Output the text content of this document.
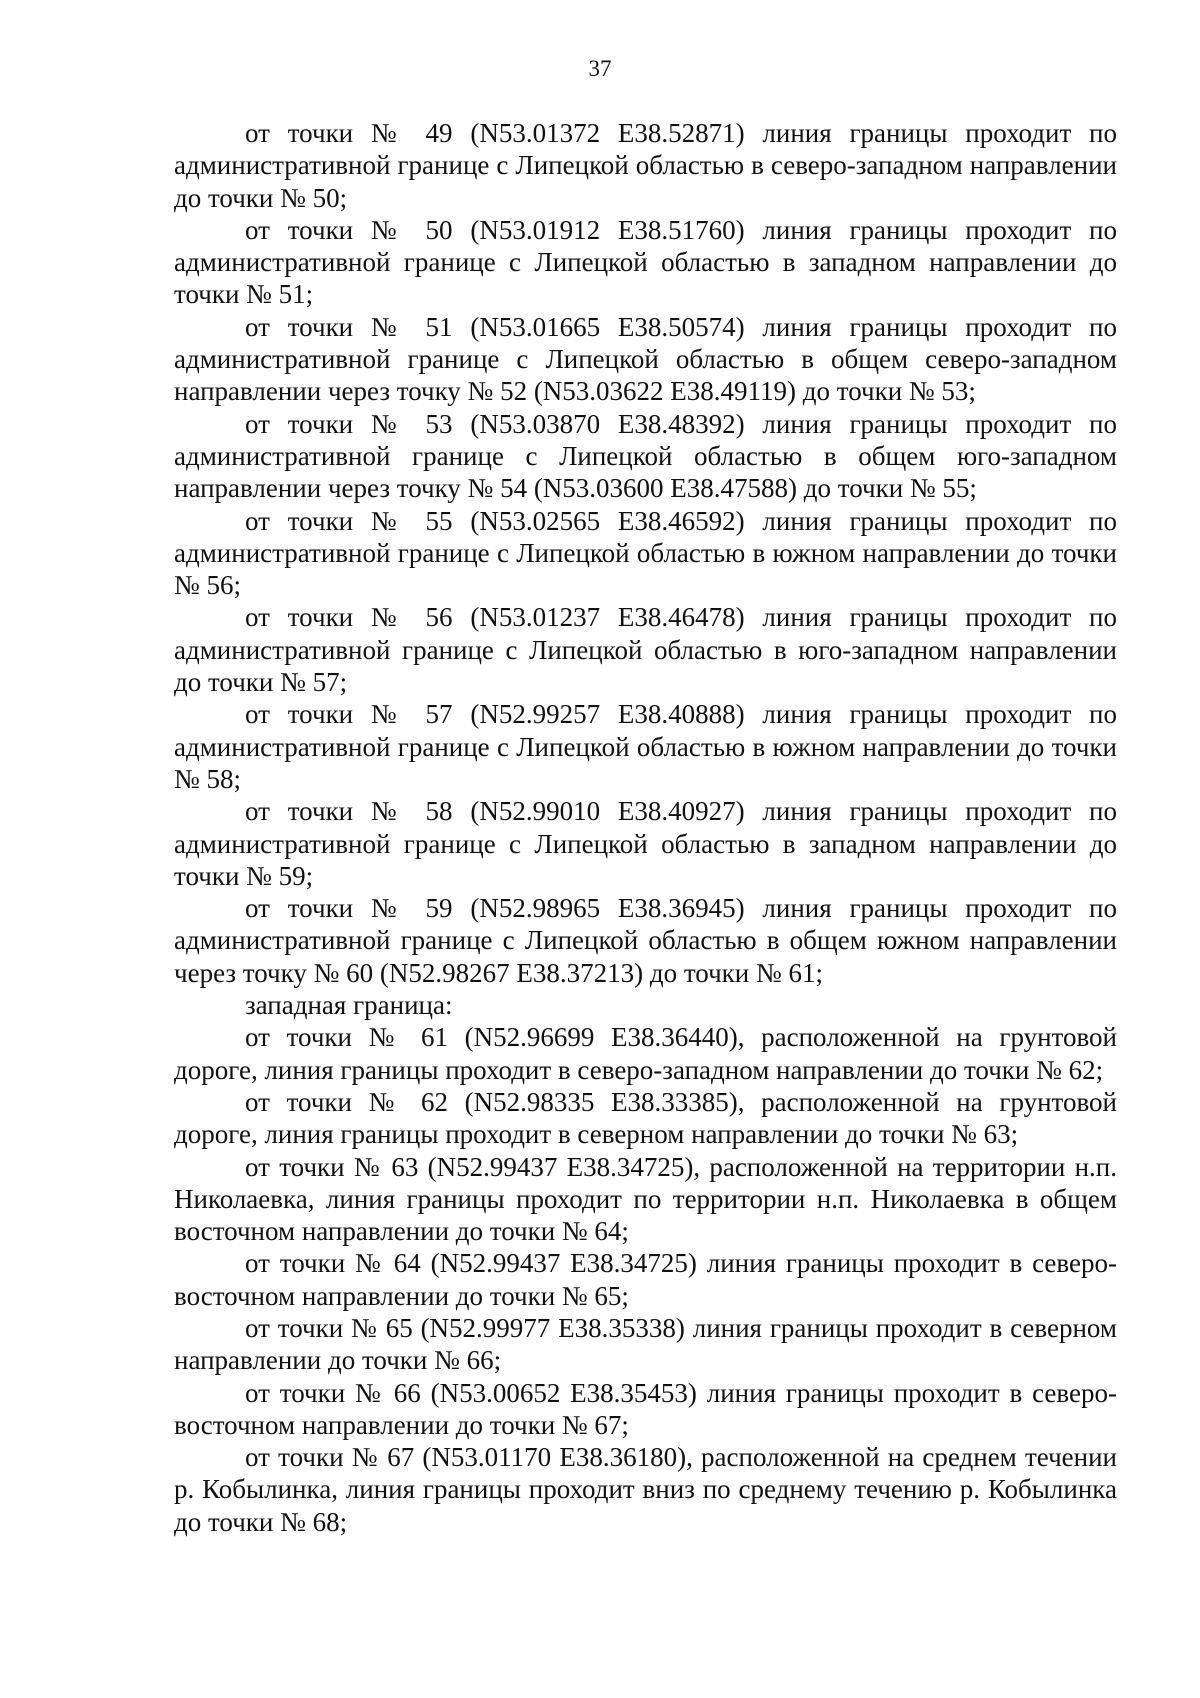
37

от точки № 49 (N53.01372 E38.52871) линия границы проходит по административной границе с Липецкой областью в северо-западном направлении до точки № 50;

от точки № 50 (N53.01912 E38.51760) линия границы проходит по административной границе с Липецкой областью в западном направлении до точки № 51;

от точки № 51 (N53.01665 E38.50574) линия границы проходит по административной границе с Липецкой областью в общем северо-западном направлении через точку № 52 (N53.03622 E38.49119) до точки № 53;

от точки № 53 (N53.03870 E38.48392) линия границы проходит по административной границе с Липецкой областью в общем юго-западном направлении через точку № 54 (N53.03600 E38.47588) до точки № 55;

от точки № 55 (N53.02565 E38.46592) линия границы проходит по административной границе с Липецкой областью в южном направлении до точки № 56;

от точки № 56 (N53.01237 E38.46478) линия границы проходит по административной границе с Липецкой областью в юго-западном направлении до точки № 57;

от точки № 57 (N52.99257 E38.40888) линия границы проходит по административной границе с Липецкой областью в южном направлении до точки № 58;

от точки № 58 (N52.99010 E38.40927) линия границы проходит по административной границе с Липецкой областью в западном направлении до точки № 59;

от точки № 59 (N52.98965 E38.36945) линия границы проходит по административной границе с Липецкой областью в общем южном направлении через точку № 60 (N52.98267 E38.37213) до точки № 61;

западная граница:

от точки № 61 (N52.96699 E38.36440), расположенной на грунтовой дороге, линия границы проходит в северо-западном направлении до точки № 62;

от точки № 62 (N52.98335 E38.33385), расположенной на грунтовой дороге, линия границы проходит в северном направлении до точки № 63;

от точки № 63 (N52.99437 E38.34725), расположенной на территории н.п. Николаевка, линия границы проходит по территории н.п. Николаевка в общем восточном направлении до точки № 64;

от точки № 64 (N52.99437 E38.34725) линия границы проходит в северо-восточном направлении до точки № 65;

от точки № 65 (N52.99977 E38.35338) линия границы проходит в северном направлении до точки № 66;

от точки № 66 (N53.00652 E38.35453) линия границы проходит в северо-восточном направлении до точки № 67;

от точки № 67 (N53.01170 E38.36180), расположенной на среднем течении р. Кобылинка, линия границы проходит вниз по среднему течению р. Кобылинка до точки № 68;
